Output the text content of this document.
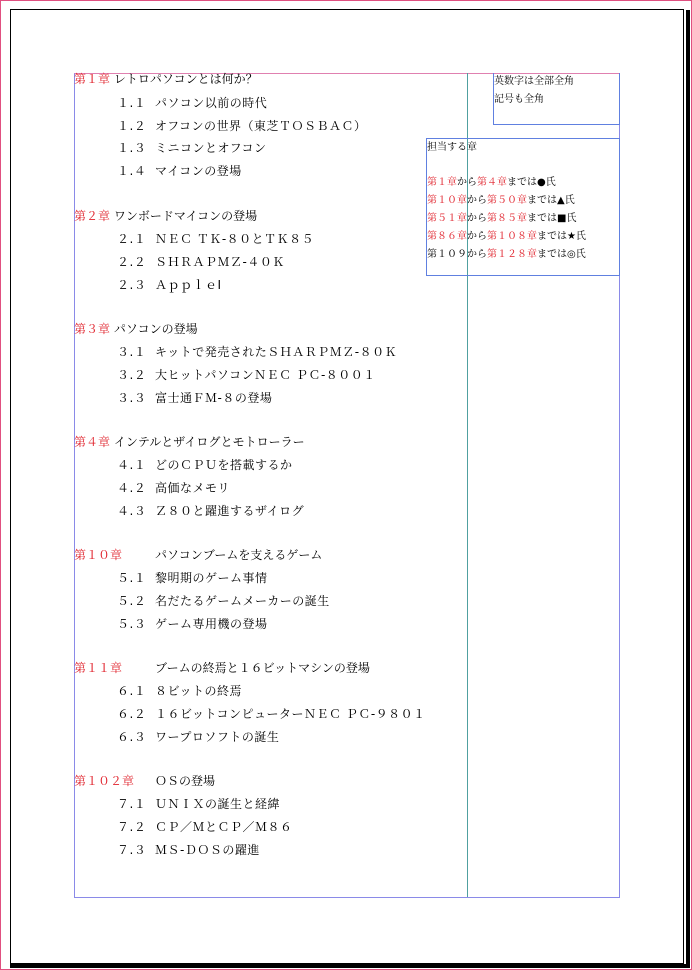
英数字は全部全角
記号も全角
担当する章
第１章から第４章までは●氏
第１０章から第５０章までは▲氏
第５１章から第８５章までは■氏
第８６章から第１０８章までは★氏
第１０９から第１２８章までは◎氏
第１章 レトロパソコンとは何か？
１.１ パソコン以前の時代
１.２ オフコンの世界（東芝ＴＯＳＢＡＣ）
１.３ ミニコンとオフコン
１.４ マイコンの登場
第２章 ワンボードマイコンの登場
２.１ ＮＥＣ ＴＫ-８０とＴＫ８５
２.２ ＳＨＲＡＰＭＺ-４０Ｋ
２.３ ＡｐｐｌｅⅠ
第３章 パソコンの登場
３.１ キットで発売されたＳＨＡＲＰＭＺ-８０Ｋ
３.２ 大ヒットパソコンＮＥＣ ＰＣ-８００１
３.３ 富士通ＦＭ-８の登場
第４章 インテルとザイログとモトローラー
４.１ どのＣＰＵを搭載するか
４.２ 高価なメモリ
４.３ Ｚ８０と躍進するザイログ
第１０章	パソコンブームを支えるゲーム
５.１ 黎明期のゲーム事情
５.２ 名だたるゲームメーカーの誕生
５.３ ゲーム専用機の登場
第１１章	ブームの終焉と１６ビットマシンの登場
６.１ ８ビットの終焉
６.２ １６ビットコンピューターＮＥＣ ＰＣ-９８０１
６.３ ワープロソフトの誕生
第１０２章 ＯＳの登場
７.１ ＵＮＩＸの誕生と経緯
７.２ ＣＰ／ＭとＣＰ／Ｍ８６
７.３ ＭＳ-ＤＯＳの躍進
